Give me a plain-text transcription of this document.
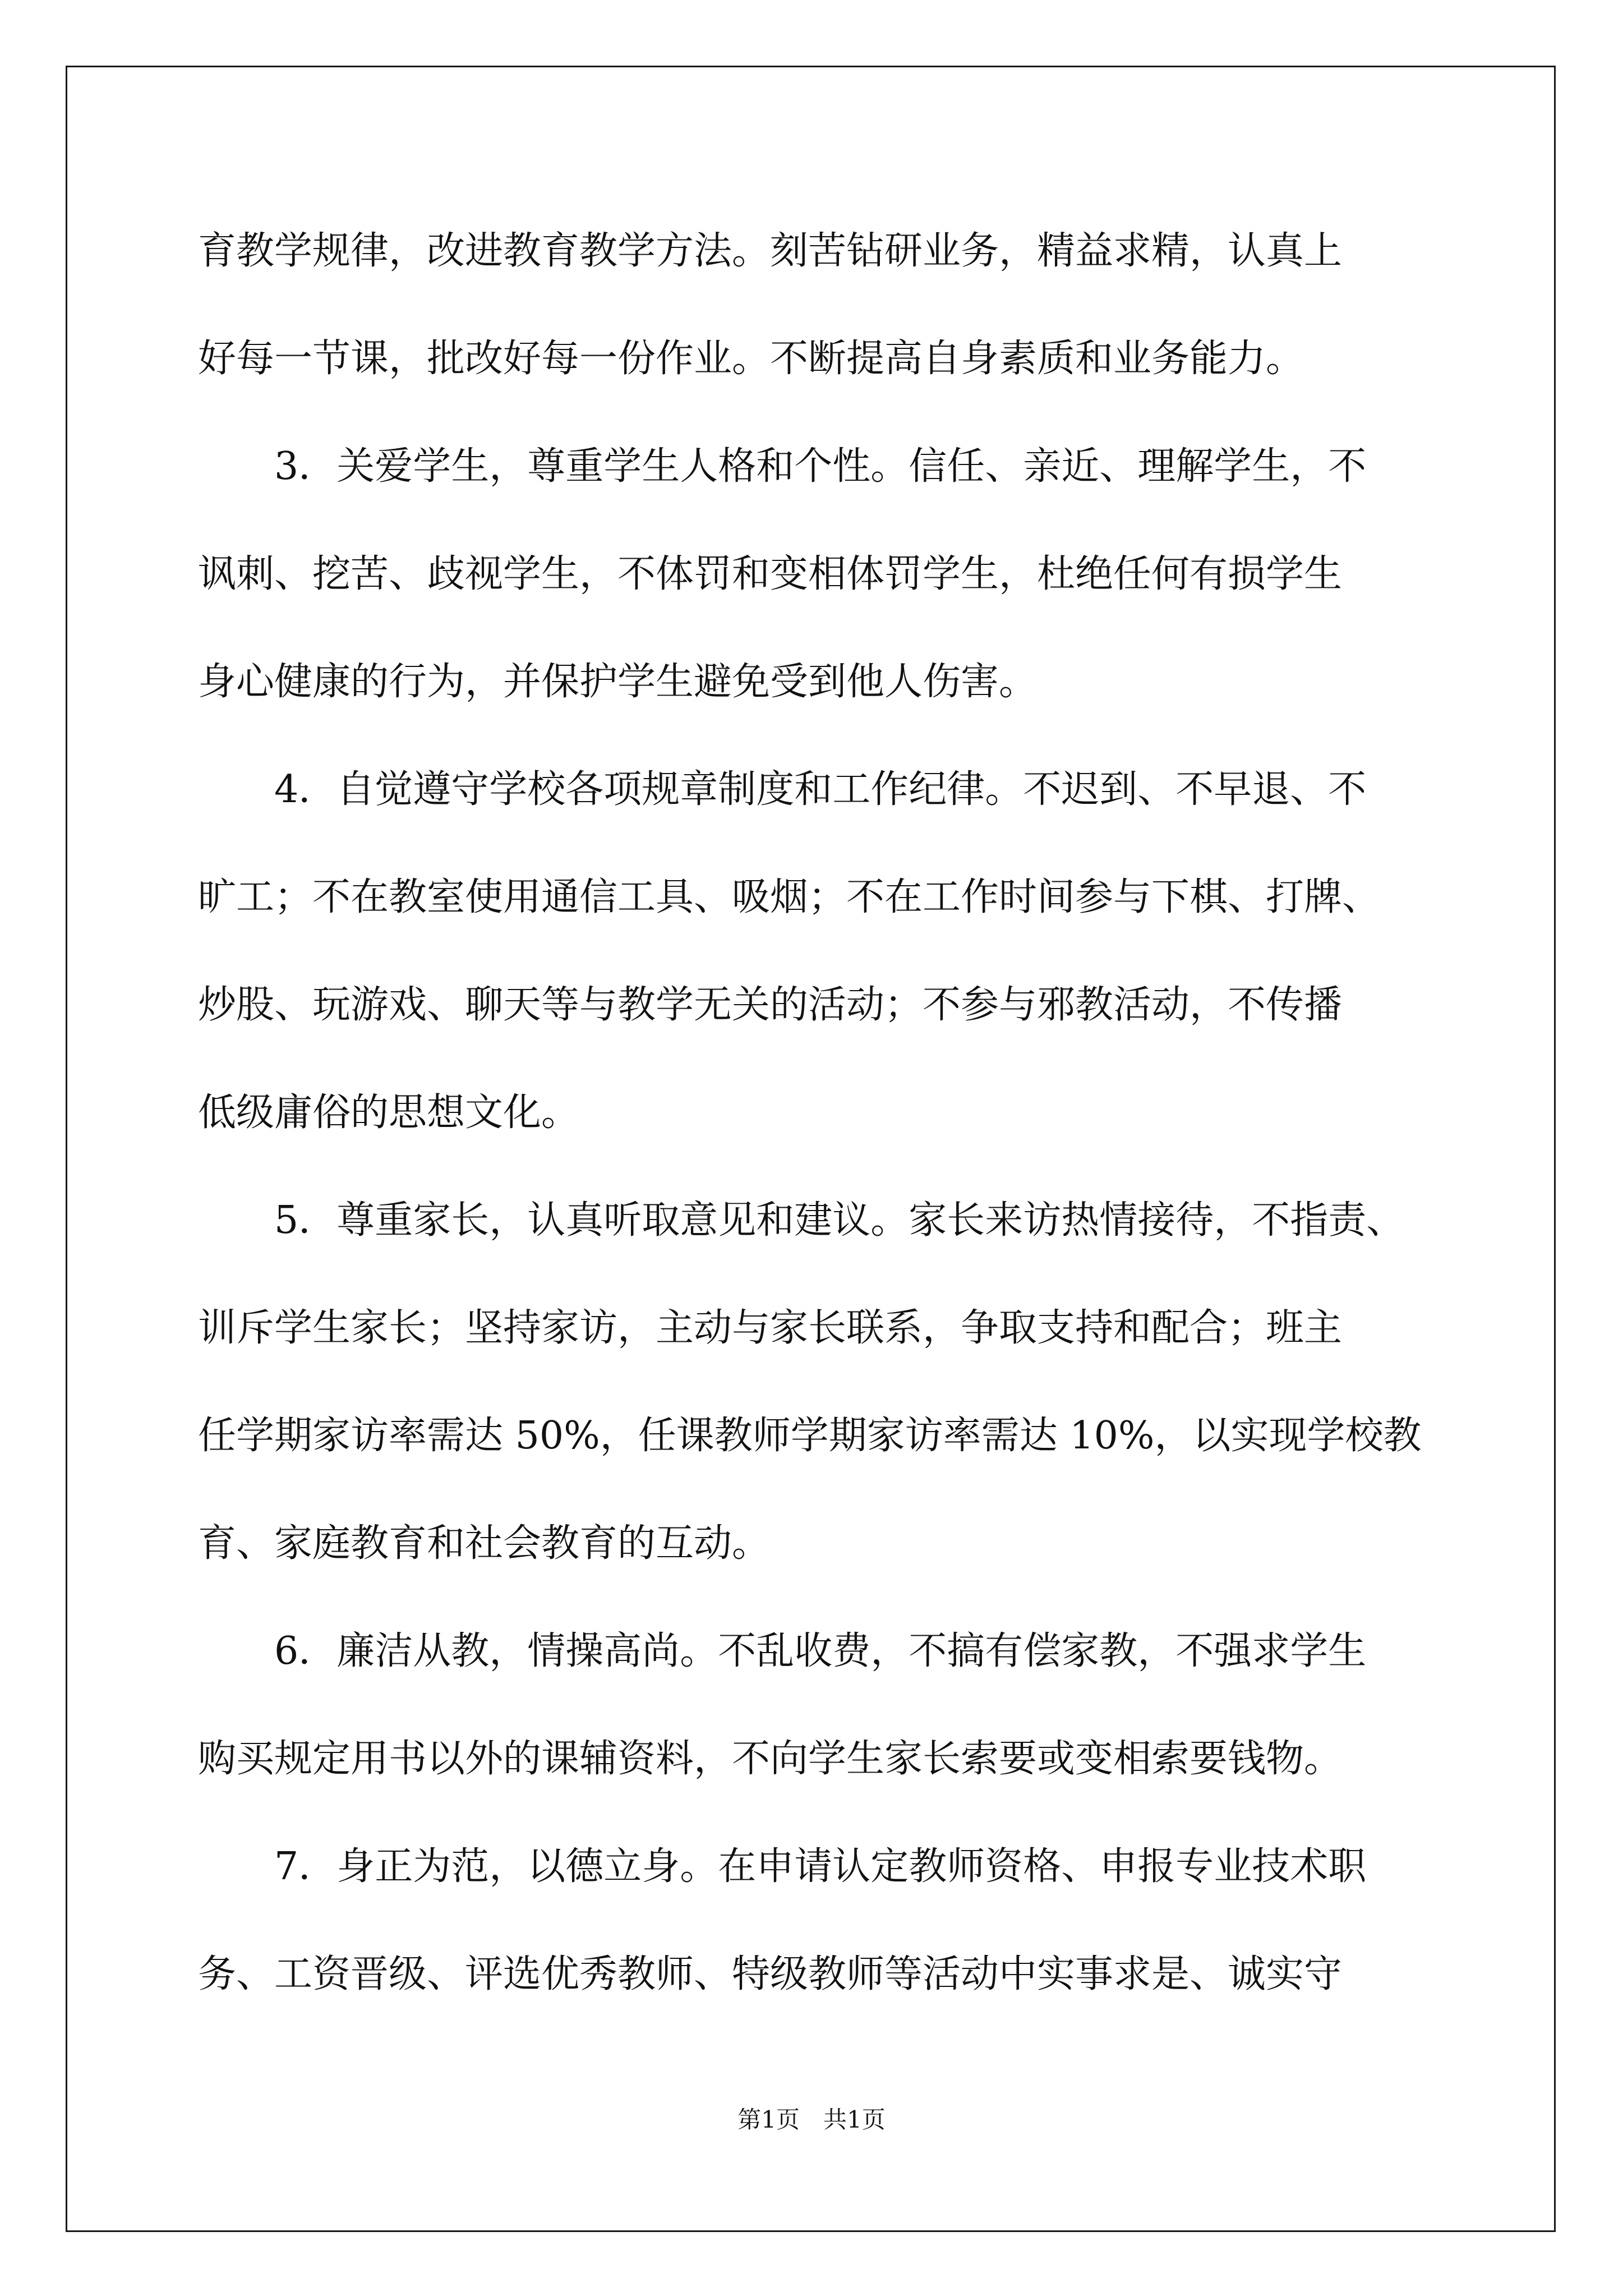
育教学规律，改进教育教学方法。刻苦钻研业务，精益求精，认真上
好每一节课，批改好每一份作业。不断提高自身素质和业务能力。
　　3．关爱学生，尊重学生人格和个性。信任、亲近、理解学生，不
讽刺、挖苦、歧视学生，不体罚和变相体罚学生，杜绝任何有损学生
身心健康的行为，并保护学生避免受到他人伤害。
　　4．自觉遵守学校各项规章制度和工作纪律。不迟到、不早退、不
旷工；不在教室使用通信工具、吸烟；不在工作时间参与下棋、打牌、
炒股、玩游戏、聊天等与教学无关的活动；不参与邪教活动，不传播
低级庸俗的思想文化。
　　5．尊重家长，认真听取意见和建议。家长来访热情接待，不指责、
训斥学生家长；坚持家访，主动与家长联系，争取支持和配合；班主
任学期家访率需达 50%，任课教师学期家访率需达 10%，以实现学校教
育、家庭教育和社会教育的互动。
　　6．廉洁从教，情操高尚。不乱收费，不搞有偿家教，不强求学生
购买规定用书以外的课辅资料，不向学生家长索要或变相索要钱物。
　　7．身正为范，以德立身。在申请认定教师资格、申报专业技术职
务、工资晋级、评选优秀教师、特级教师等活动中实事求是、诚实守
第1页　共1页
